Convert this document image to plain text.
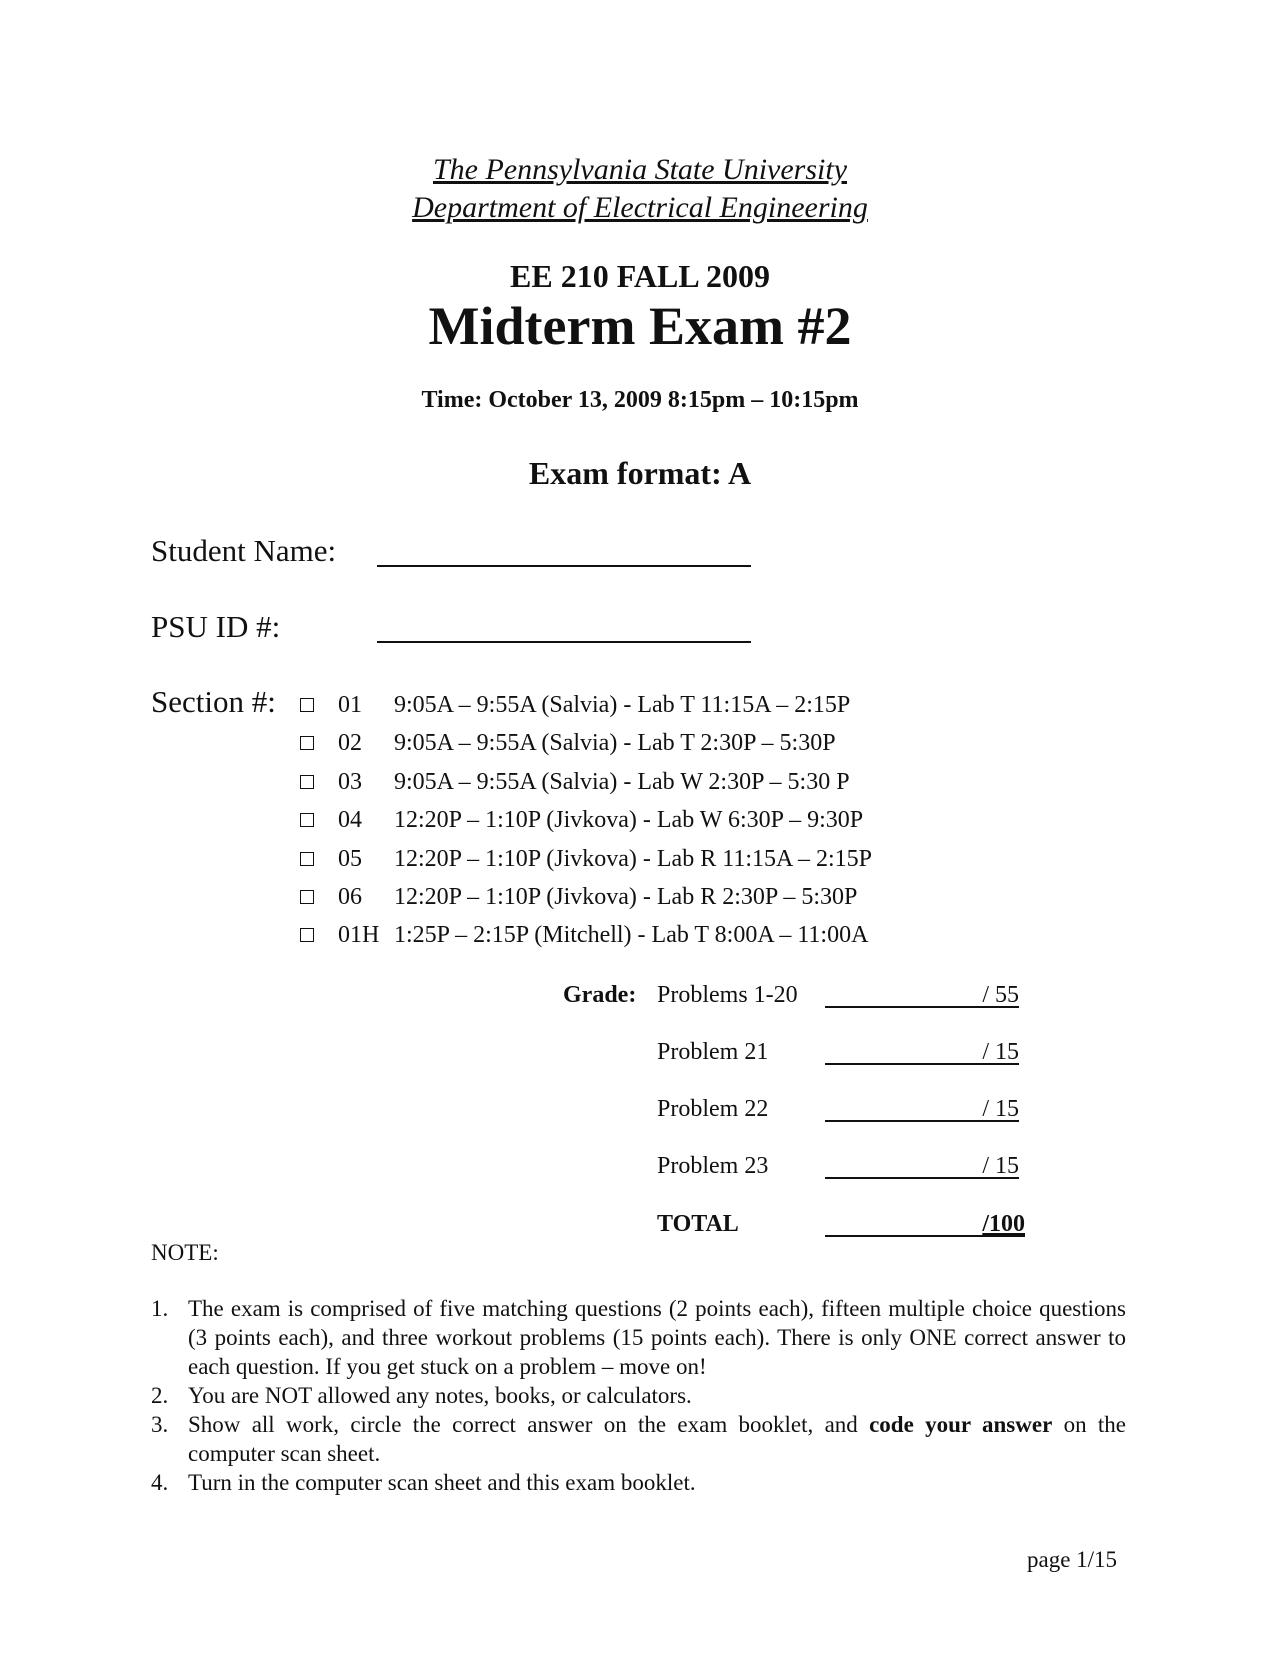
The Pennsylvania State University
Department of Electrical Engineering
EE 210 FALL 2009
Midterm Exam #2
Time: October 13, 2009 8:15pm – 10:15pm
Exam format: A
Student Name:
PSU ID #:
Section #:	01 9:05A – 9:55A (Salvia) - Lab T 11:15A – 2:15P
02 9:05A – 9:55A (Salvia) - Lab T 2:30P – 5:30P
03 9:05A – 9:55A (Salvia) - Lab W 2:30P – 5:30 P
04 12:20P – 1:10P (Jivkova) - Lab W 6:30P – 9:30P
05 12:20P – 1:10P (Jivkova) - Lab R 11:15A – 2:15P
06 12:20P – 1:10P (Jivkova) - Lab R 2:30P – 5:30P
01H 1:25P – 2:15P (Mitchell) - Lab T 8:00A – 11:00A
Grade: Problems 1-20	/ 55
Problem 21	/ 15
Problem 22	/ 15
Problem 23	/ 15
TOTAL	/100
NOTE:
1. The exam is comprised of five matching questions (2 points each), fifteen multiple choice questions (3 points each), and three workout problems (15 points each). There is only ONE correct answer to each question. If you get stuck on a problem – move on!
2. You are NOT allowed any notes, books, or calculators.
3. Show all work, circle the correct answer on the exam booklet, and code your answer on the computer scan sheet.
4. Turn in the computer scan sheet and this exam booklet.
page 1/15
